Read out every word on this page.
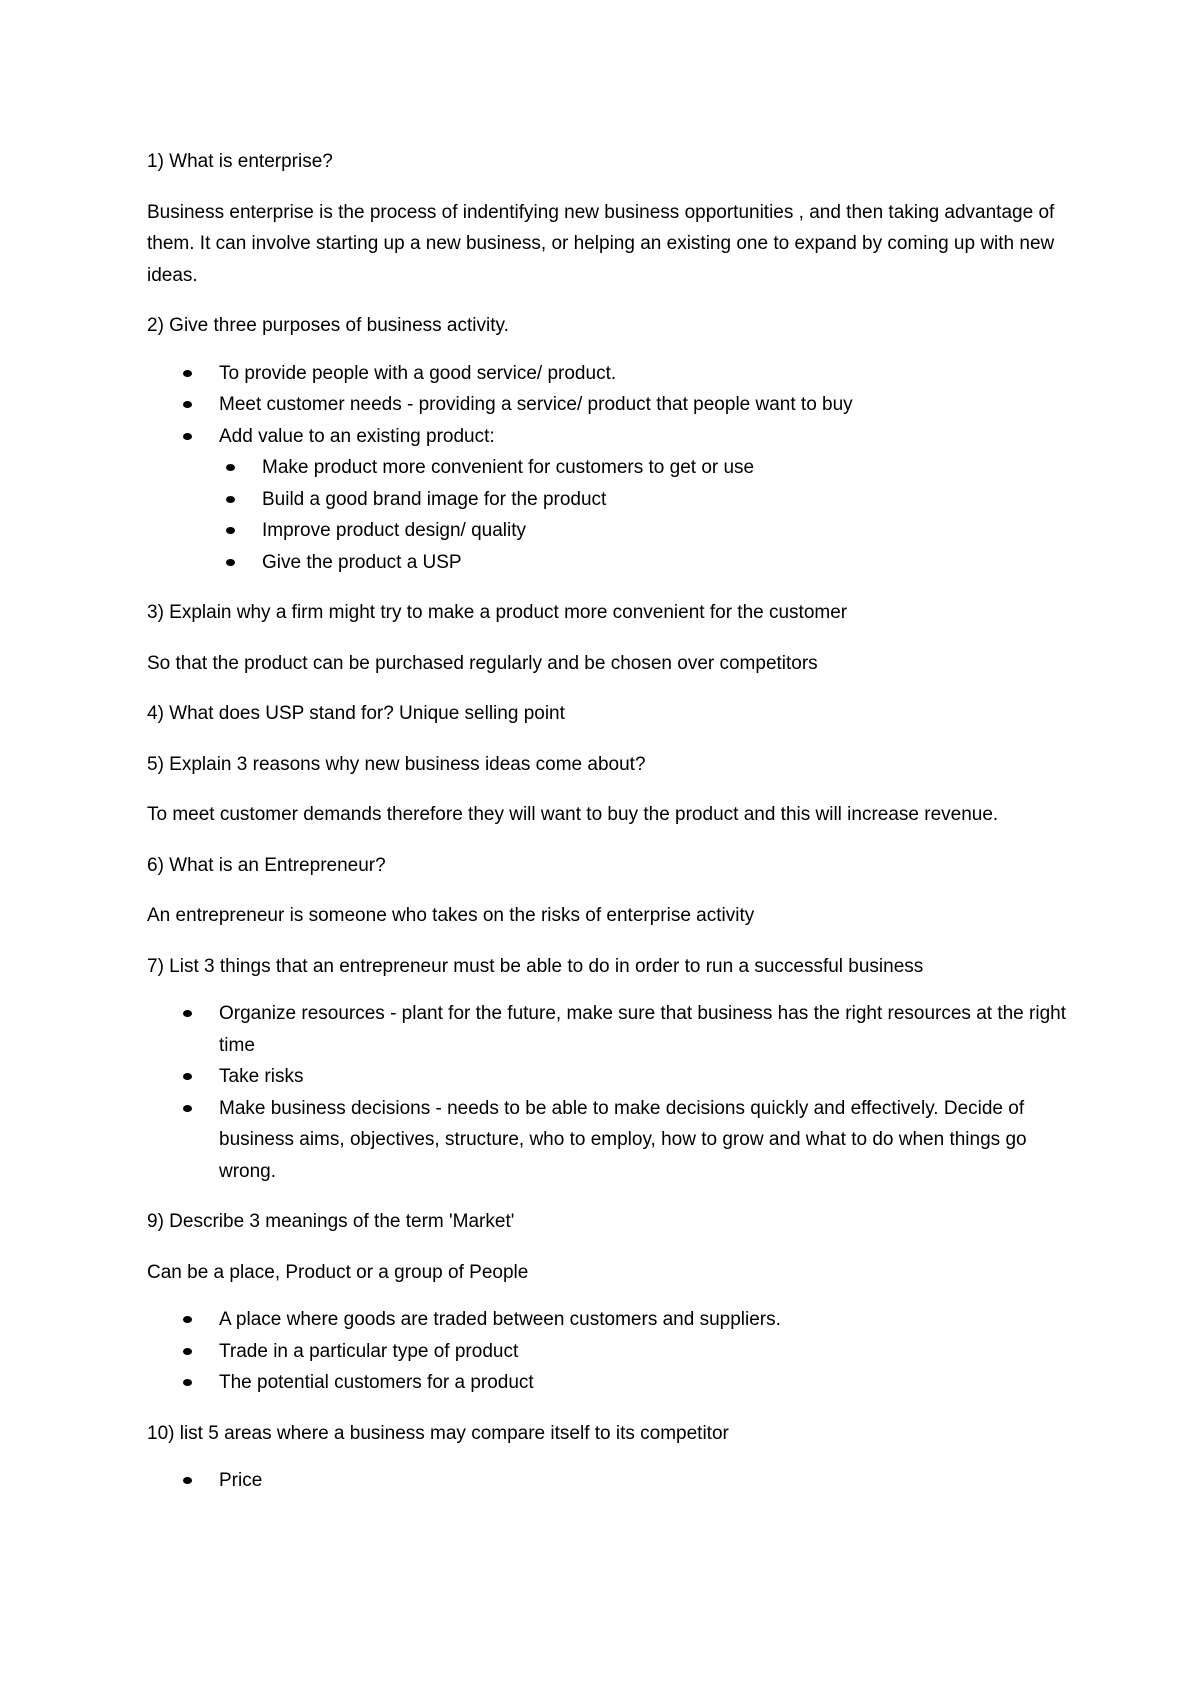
1) What is enterprise?

Business enterprise is the process of indentifying new business opportunities , and then taking advantage of them. It can involve starting up a new business, or helping an existing one to expand by coming up with new ideas.

2) Give three purposes of business activity.

To provide people with a good service/ product.
Meet customer needs - providing a service/ product that people want to buy
Add value to an existing product:
Make product more convenient for customers to get or use
Build a good brand image for the product
Improve product design/ quality
Give the product a USP

3) Explain why a firm might try to make a product more convenient for the customer

So that the product can be purchased regularly and be chosen over competitors

4) What does USP stand for? Unique selling point

5) Explain 3 reasons why new business ideas come about?

To meet customer demands therefore they will want to buy the product and this will increase revenue.

6) What is an Entrepreneur?

An entrepreneur is someone who takes on the risks of enterprise activity

7) List 3 things that an entrepreneur must be able to do in order to run a successful business

Organize resources - plant for the future, make sure that business has the right resources at the right time
Take risks
Make business decisions - needs to be able to make decisions quickly and effectively. Decide of business aims, objectives, structure, who to employ, how to grow and what to do when things go wrong.

9) Describe 3 meanings of the term 'Market'

Can be a place, Product or a group of People

A place where goods are traded between customers and suppliers.
Trade in a particular type of product
The potential customers for a product

10) list 5 areas where a business may compare itself to its competitor

Price
